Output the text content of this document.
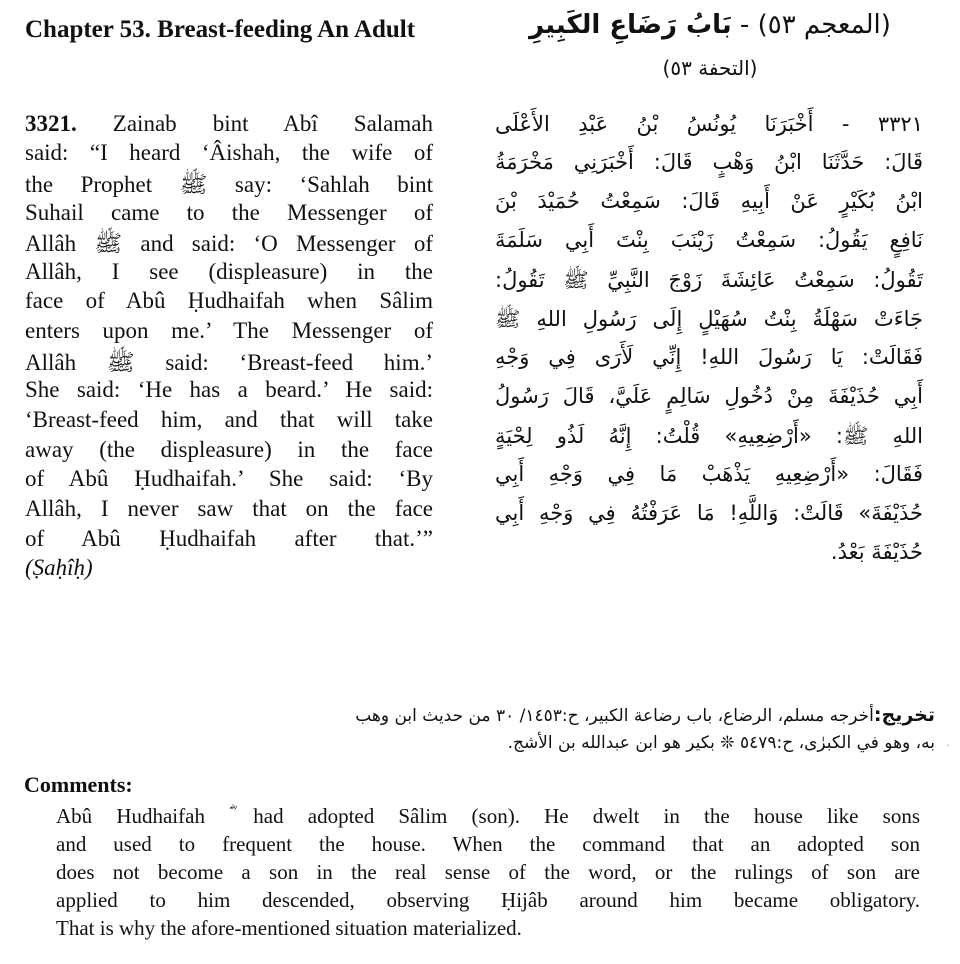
Chapter 53. Breast-feeding An Adult	(المعجم ٥٣) - بَابُ رَضَاعِ الكَبِيرِ
(التحفة ٥٣)
3321. Zainab bint Abî Salamah
said: “I heard ‘Âishah, the wife of
the Prophet ﷺ say: ‘Sahlah bint
Suhail came to the Messenger of
Allâh ﷺ and said: ‘O Messenger of
Allâh, I see (displeasure) in the
face of Abû Ḥudhaifah when Sâlim
enters upon me.’ The Messenger of
Allâh ﷺ said: ‘Breast-feed him.’
She said: ‘He has a beard.’ He said:
‘Breast-feed him, and that will take
away (the displeasure) in the face
of Abû Ḥudhaifah.’ She said: ‘By
Allâh, I never saw that on the face
of Abû Ḥudhaifah after that.’”
(Ṣaḥîḥ)
٣٣٢١ - أَخْبَرَنَا يُونُسُ بْنُ عَبْدِ الأَعْلَى
قَالَ: حَدَّثَنَا ابْنُ وَهْبٍ قَالَ: أَخْبَرَنِي مَخْرَمَةُ
ابْنُ بُكَيْرٍ عَنْ أَبِيهِ قَالَ: سَمِعْتُ حُمَيْدَ بْنَ
نَافِعٍ يَقُولُ: سَمِعْتُ زَيْنَبَ بِنْتَ أَبِي سَلَمَةَ
تَقُولُ: سَمِعْتُ عَائِشَةَ زَوْجَ النَّبِيِّ ﷺ تَقُولُ:
جَاءَتْ سَهْلَةُ بِنْتُ سُهَيْلٍ إِلَى رَسُولِ اللهِ ﷺ
فَقَالَتْ: يَا رَسُولَ اللهِ! إِنِّي لَأَرَى فِي وَجْهِ
أَبِي حُذَيْفَةَ مِنْ دُخُولِ سَالِمٍ عَلَيَّ، قَالَ رَسُولُ
اللهِ ﷺ: «أَرْضِعِيهِ» قُلْتُ: إِنَّهُ لَذُو لِحْيَةٍ
فَقَالَ: «أَرْضِعِيهِ يَذْهَبْ مَا فِي وَجْهِ أَبِي
حُذَيْفَةَ» قَالَتْ: وَاللَّهِ! مَا عَرَفْتُهُ فِي وَجْهِ أَبِي
حُذَيْفَةَ بَعْدُ.
تخريج:أخرجه مسلم، الرضاع، باب رضاعة الكبير، ح:١٤٥٣/ ٣٠ من حديث ابن وهب
به، وهو في الكبرٰى، ح:٥٤٧٩ ❊ بكير هو ابن عبدالله بن الأشج. ·
Comments:
Abû Hudhaifah ؓ had adopted Sâlim (son). He dwelt in the house like sons
and used to frequent the house. When the command that an adopted son
does not become a son in the real sense of the word, or the rulings of son are
applied to him descended, observing Ḥijâb around him became obligatory.
That is why the afore-mentioned situation materialized.
